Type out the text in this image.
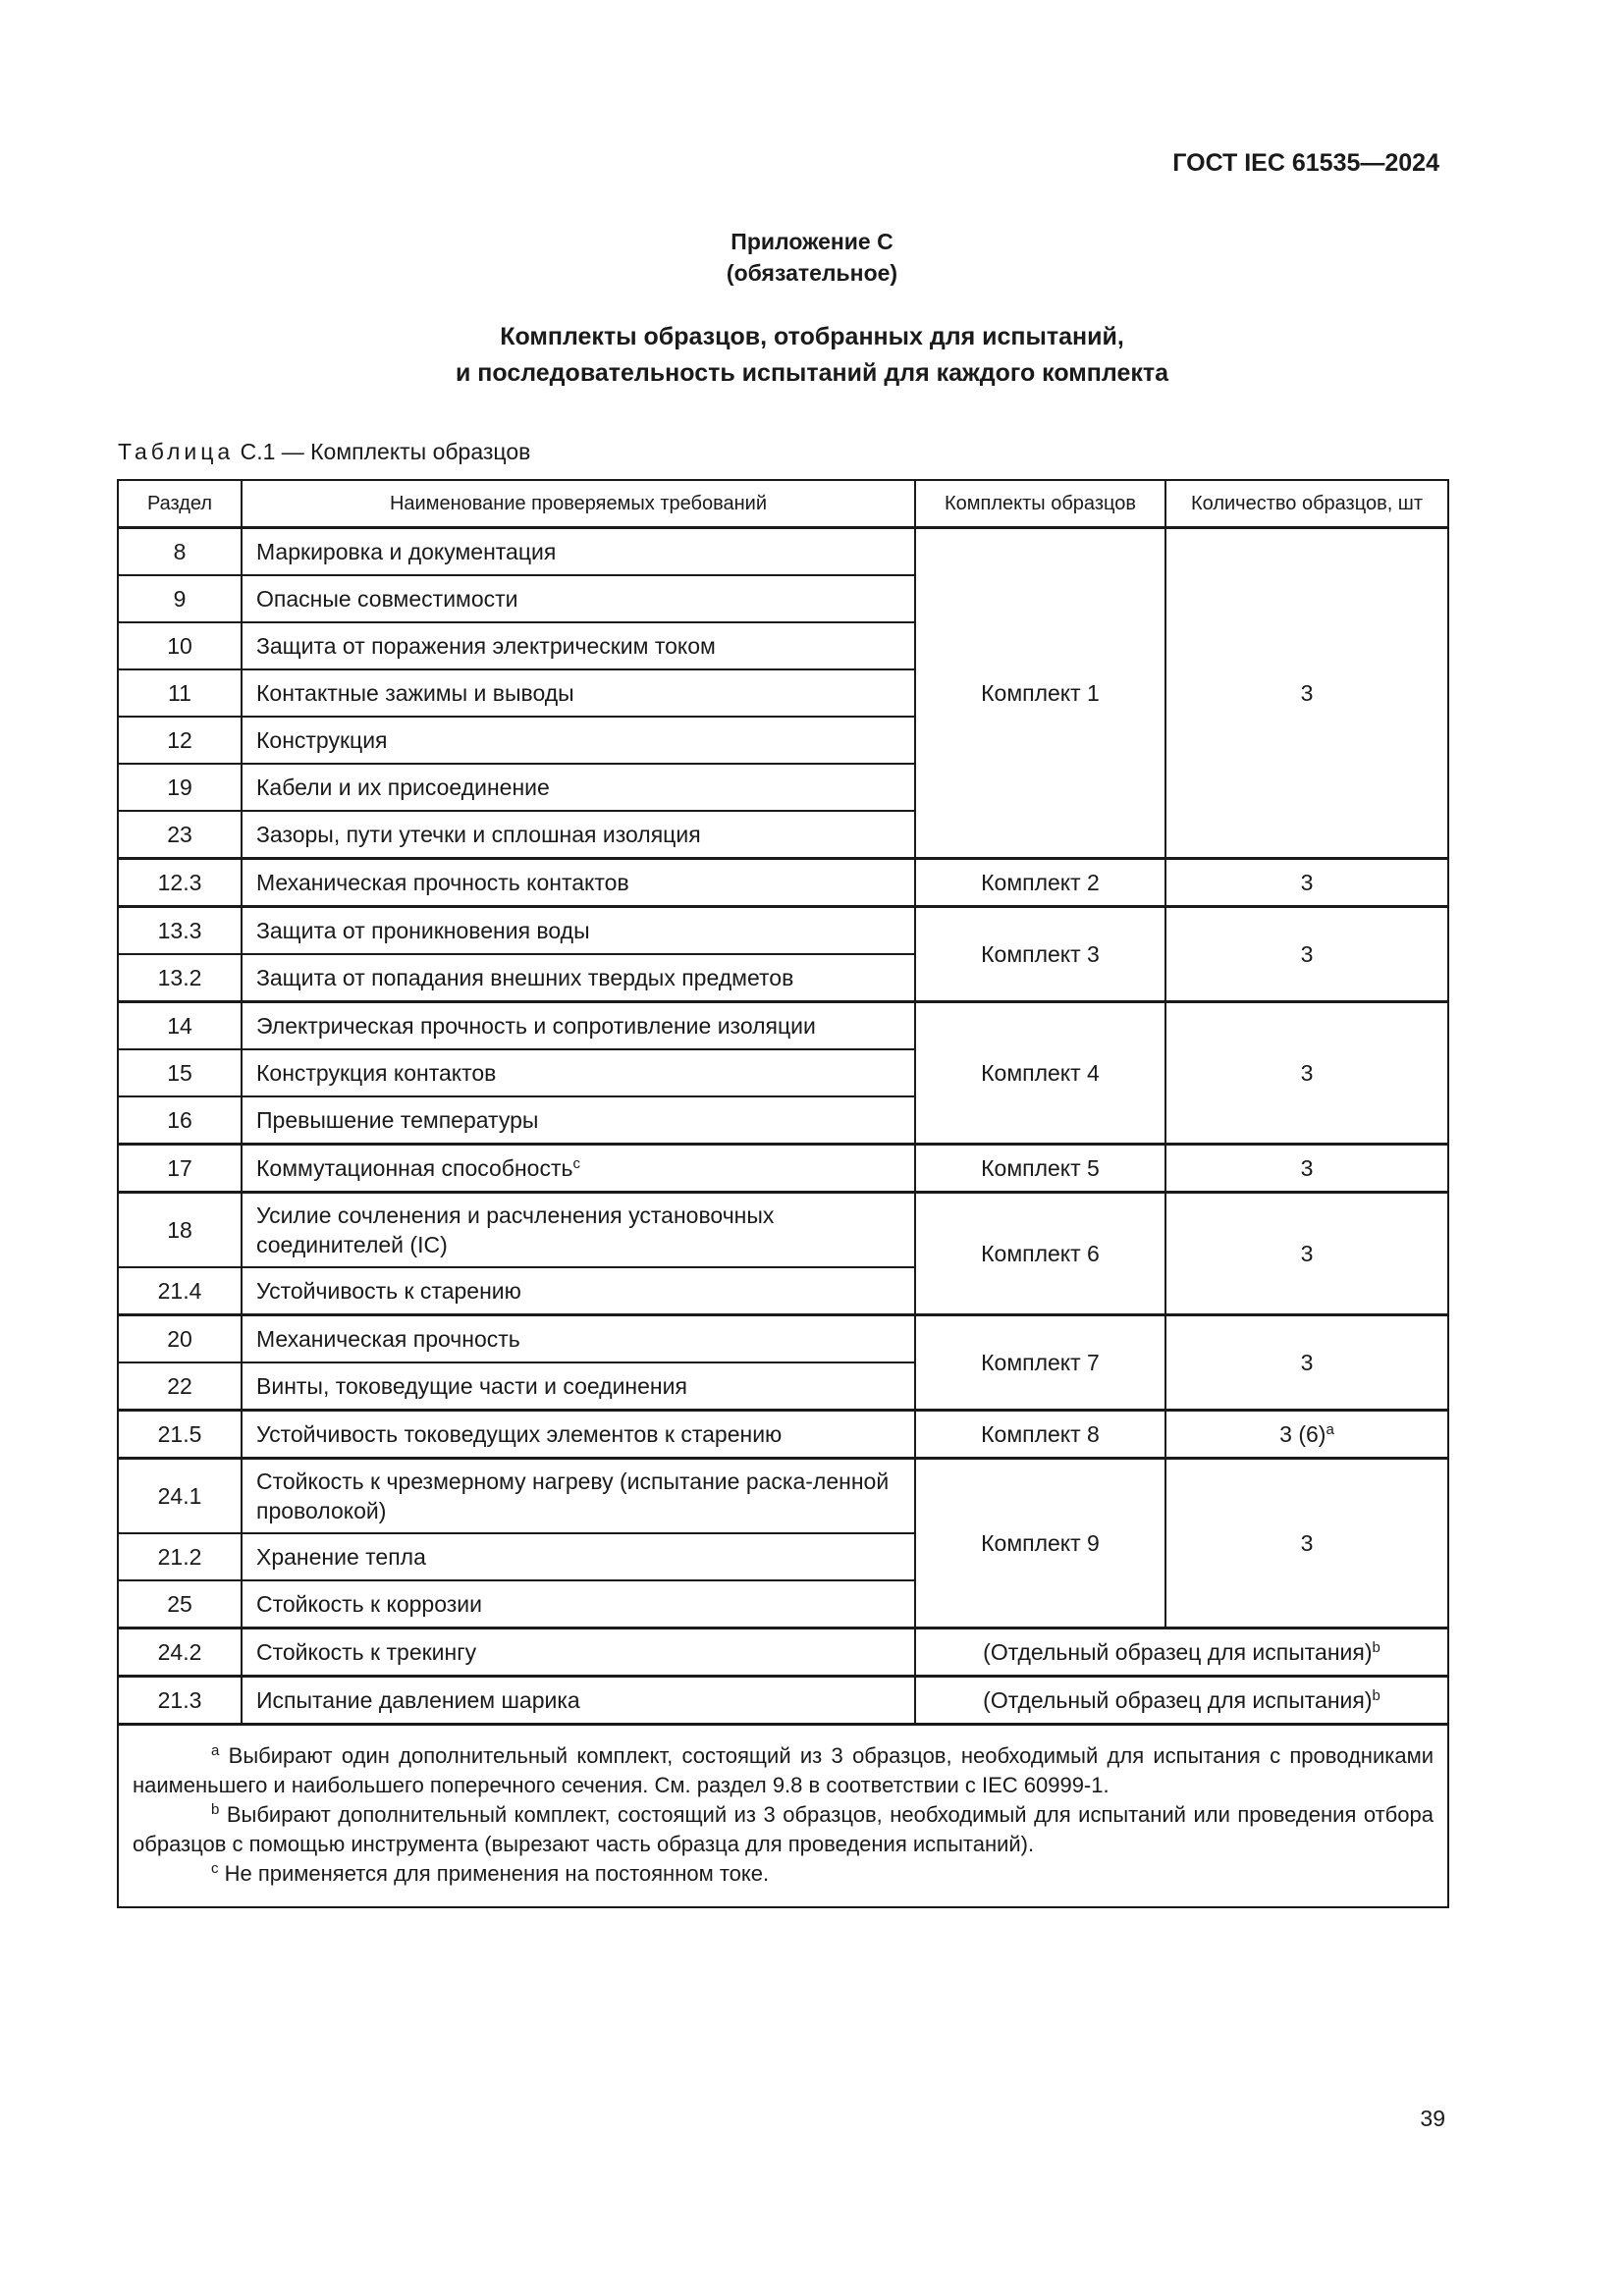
ГОСТ IEC 61535—2024
Приложение С
(обязательное)
Комплекты образцов, отобранных для испытаний,
и последовательность испытаний для каждого комплекта
Таблица С.1 — Комплекты образцов
Раздел	Наименование проверяемых требований	Комплекты образцов	Количество образцов, шт
8	Маркировка и документация	Комплект 1	3
9	Опасные совместимости		
10	Защита от поражения электрическим током		
11	Контактные зажимы и выводы		
12	Конструкция		
19	Кабели и их присоединение		
23	Зазоры, пути утечки и сплошная изоляция		
12.3	Механическая прочность контактов	Комплект 2	3
13.3	Защита от проникновения воды	Комплект 3	3
13.2	Защита от попадания внешних твердых предметов		
14	Электрическая прочность и сопротивление изоляции	Комплект 4	3
15	Конструкция контактов		
16	Превышение температуры		
17	Коммутационная способность$^c$	Комплект 5	3
18	Усилие сочленения и расчленения установочных соединителей (IC)	Комплект 6	3
21.4	Устойчивость к старению		
20	Механическая прочность	Комплект 7	3
22	Винты, токоведущие части и соединения		
21.5	Устойчивость токоведущих элементов к старению	Комплект 8	3 $(6)^a$
24.1	Стойкость к чрезмерному нагреву (испытание раска-ленной проволокой)	Комплект 9	3
21.2	Хранение тепла		
25	Стойкость к коррозии		
24.2	Стойкость к трекингу	(Отдельный образец для испытания)$^b$
21.3	Испытание давлением шарика	(Отдельный образец для испытания)$^b$

$^a$ Выбирают один дополнительный комплект, состоящий из 3 образцов, необходимый для испытания с проводниками наименьшего и наибольшего поперечного сечения. См. раздел 9.8 в соответствии с IEC 60999-1.
$^b$ Выбирают дополнительный комплект, состоящий из 3 образцов, необходимый для испытаний или проведения отбора образцов с помощью инструмента (вырезают часть образца для проведения испытаний).
$^c$ Не применяется для применения на постоянном токе.			
39
